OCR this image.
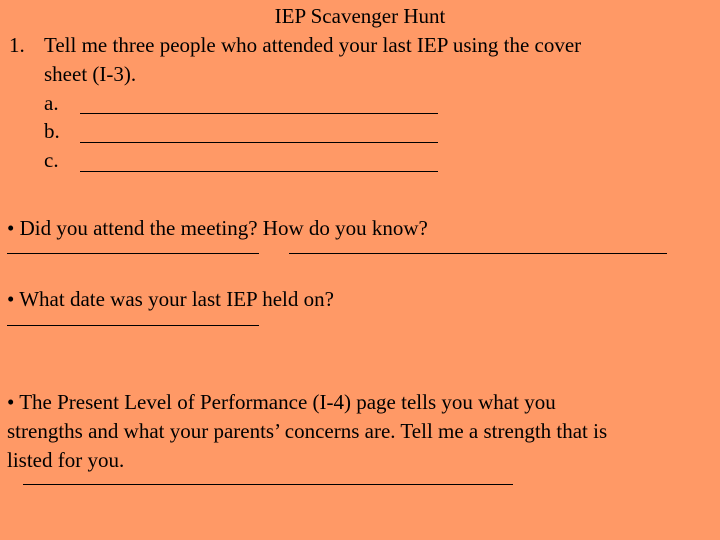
IEP Scavenger Hunt
1. Tell me three people who attended your last IEP using the cover
sheet (I-3).
a.
b.
c.
• Did you attend the meeting? How do you know?
• What date was your last IEP held on?
• The Present Level of Performance (I-4) page tells you what you
strengths and what your parents’ concerns are. Tell me a strength that is
listed for you.
